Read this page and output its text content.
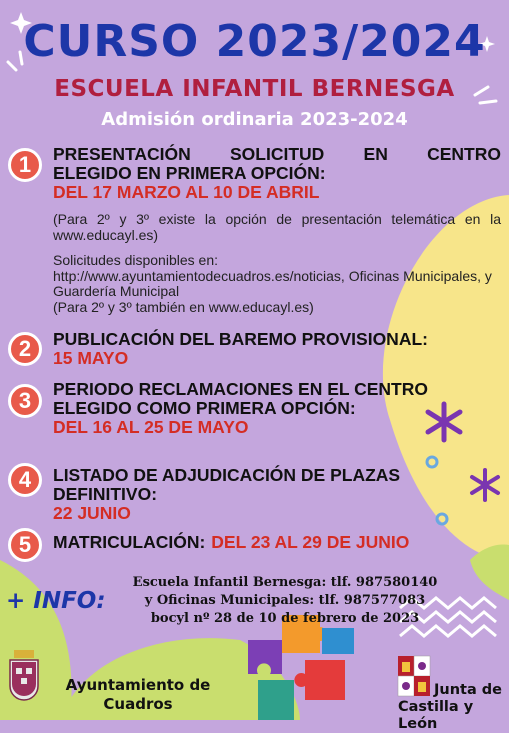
CURSO 2023/2024
ESCUELA INFANTIL BERNESGA
Admisión ordinaria 2023-2024
1	PRESENTACIÓN SOLICITUD EN CENTRO
ELEGIDO EN PRIMERA OPCIÓN:
DEL 17 MARZO AL 10 DE ABRIL
(Para 2º y 3º existe la opción de presentación telemática en la www.educayl.es)
Solicitudes disponibles en:
http://www.ayuntamientodecuadros.es/noticias, Oficinas Municipales, y Guardería Municipal
(Para 2º y 3º también en www.educayl.es)
2	PUBLICACIÓN DEL BAREMO PROVISIONAL:
15 MAYO
3	PERIODO RECLAMACIONES EN EL CENTRO
ELEGIDO COMO PRIMERA OPCIÓN:
DEL 16 AL 25 DE MAYO
4	LISTADO DE ADJUDICACIÓN DE PLAZAS
DEFINITIVO:
22 JUNIO
5	MATRICULACIÓN: DEL 23 AL 29 DE JUNIO
+ INFO:
Escuela Infantil Bernesga: tlf. 987580140
y Oficinas Municipales: tlf. 987577083
bocyl nº 28 de 10 de febrero de 2023
Ayuntamiento de
Cuadros
Junta de
Castilla y León
